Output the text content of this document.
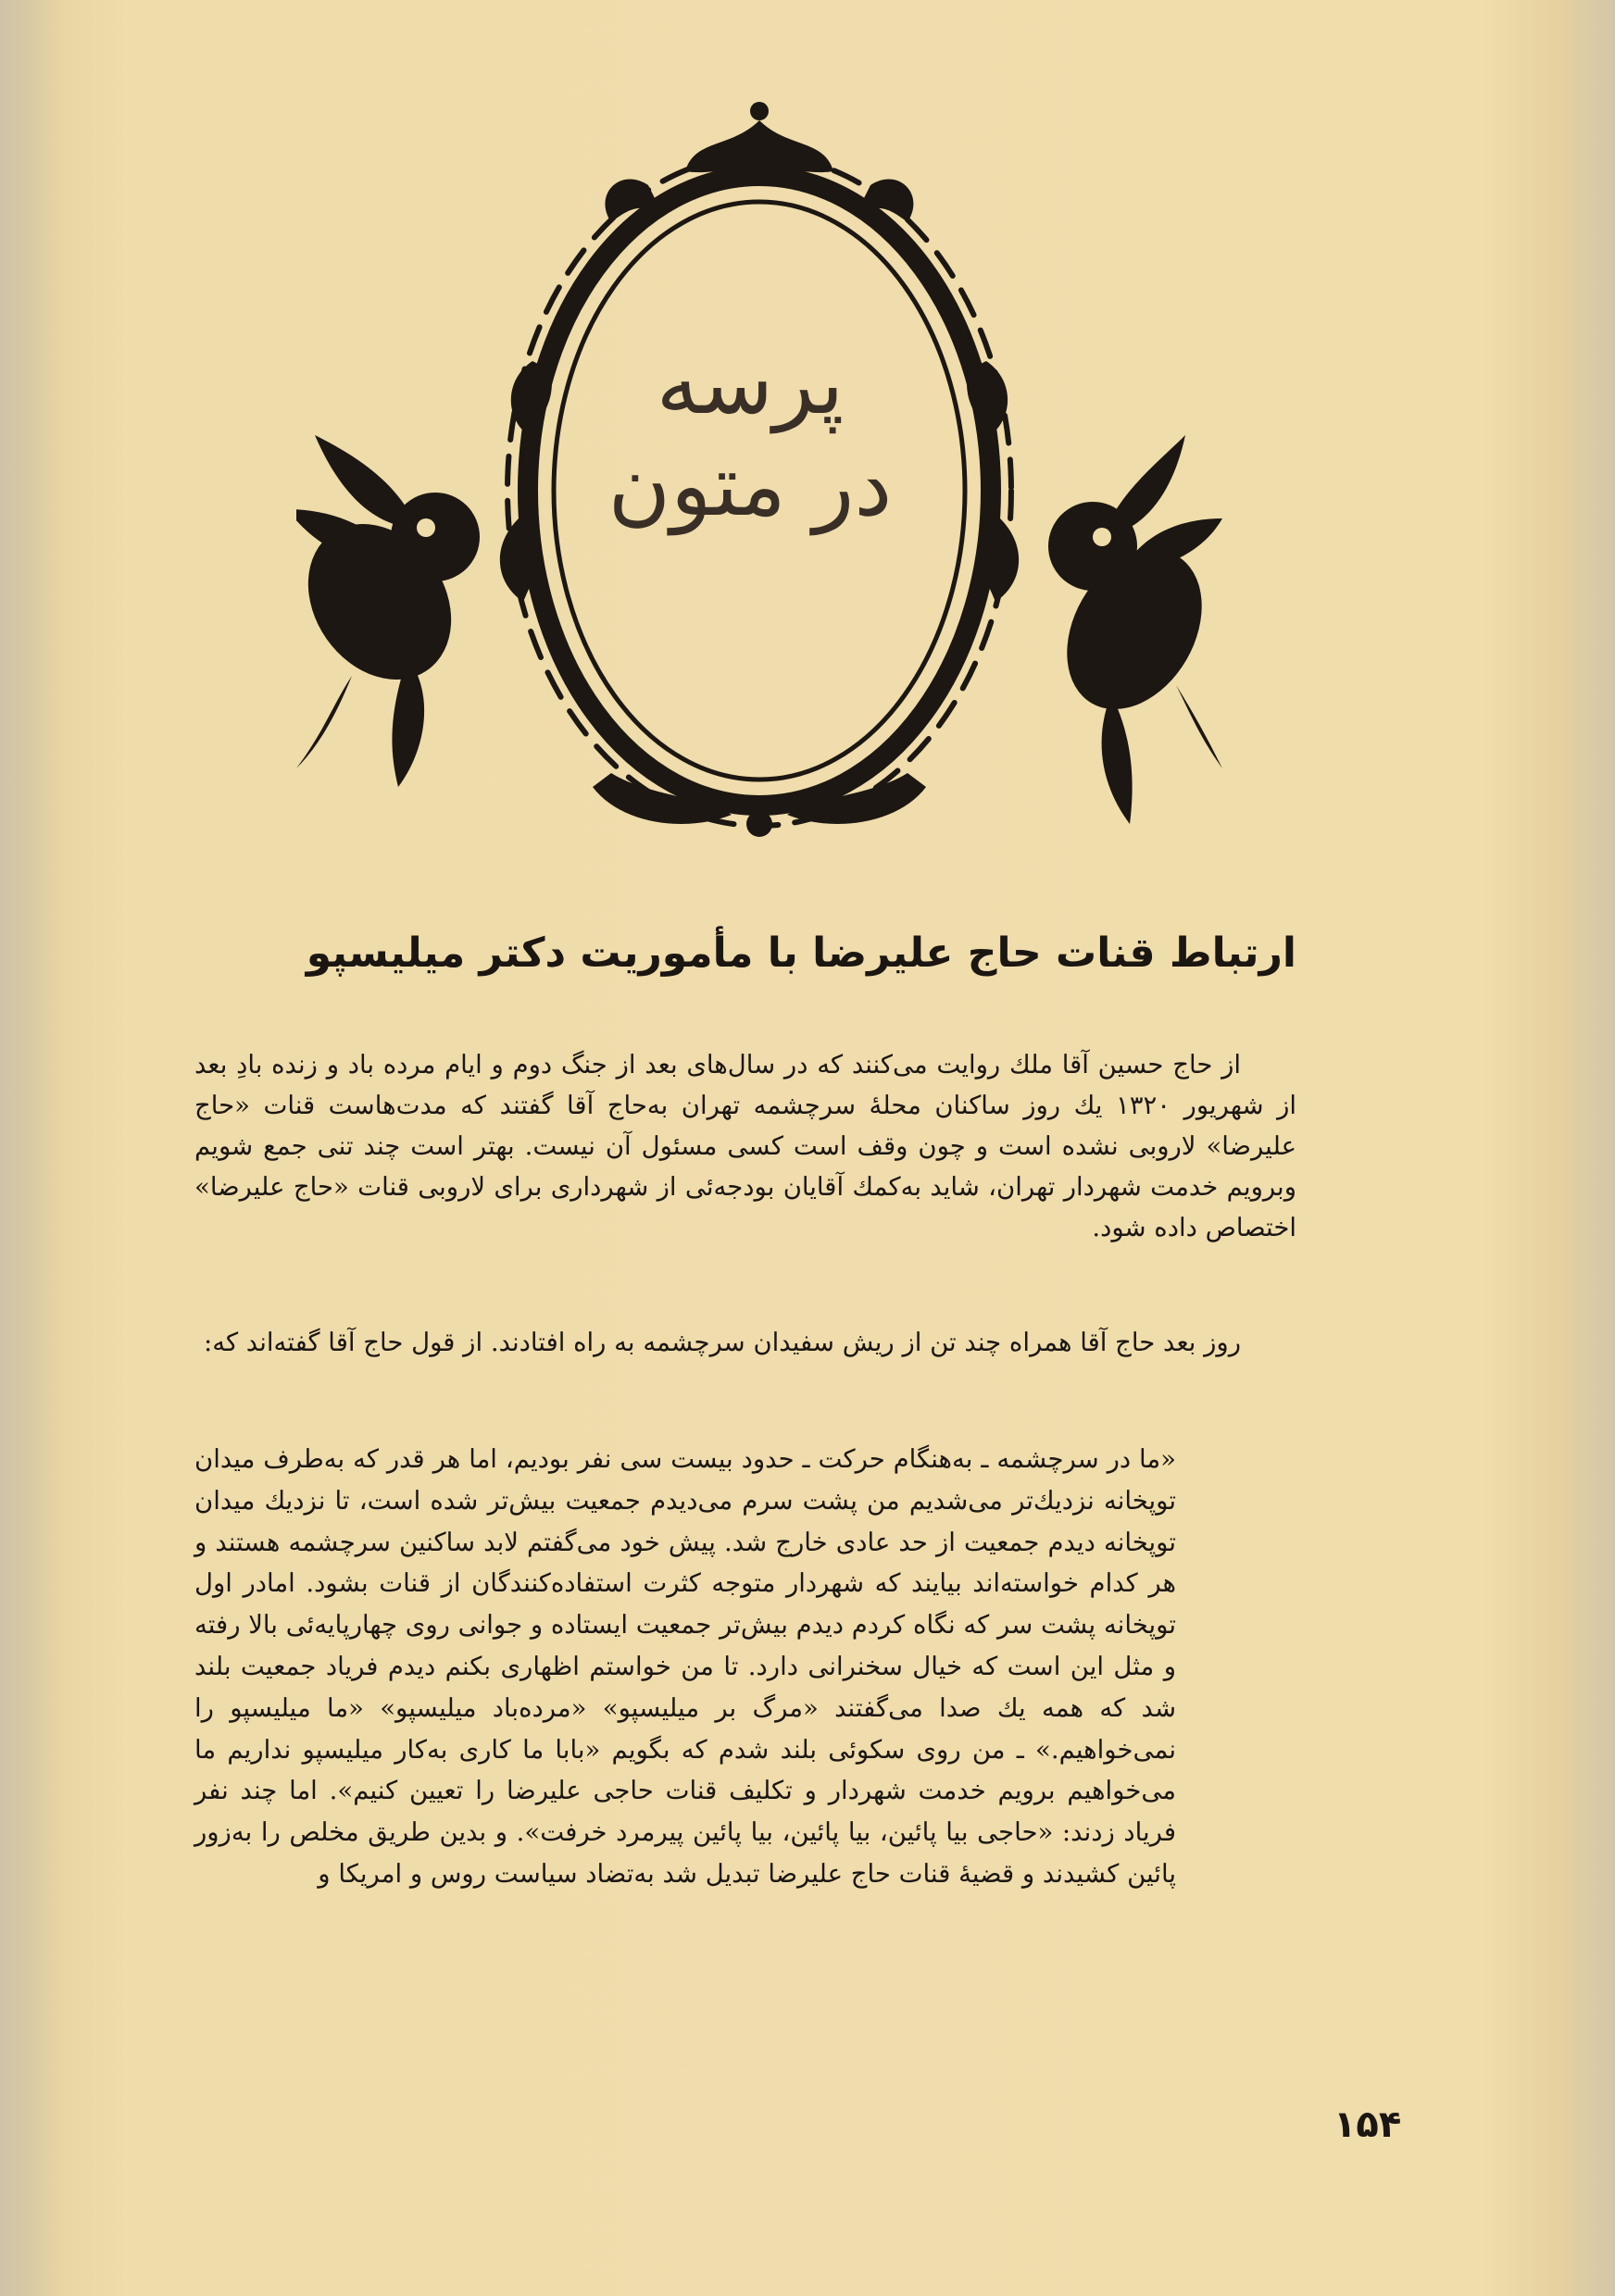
پرسه
در متون
ارتباط قنات حاج علیرضا با مأموریت دکتر میلیسپو

از حاج حسین آقا ملك روایت می‌کنند که در سال‌های بعد از جنگ دوم و ایام مرده باد و زنده بادِ بعد از شهریور ۱۳۲۰ یك روز ساکنان محلهٔ سرچشمه تهران به‌حاج آقا گفتند که مدت‌هاست قنات «حاج علیرضا» لاروبی نشده است و چون وقف است کسی مسئول آن نیست. بهتر است چند تنی جمع شویم وبرویم خدمت شهردار تهران، شاید به‌کمك آقایان بودجه‌ئی از شهرداری برای لاروبی قنات «حاج علیرضا» اختصاص داده شود.

روز بعد حاج آقا همراه چند تن از ریش سفیدان سرچشمه به راه افتادند. از قول حاج آقا گفته‌اند که:

«ما در سرچشمه ـ به‌هنگام حرکت ـ حدود بیست سی نفر بودیم، اما هر قدر که به‌طرف میدان توپخانه نزدیك‌تر می‌شدیم من پشت سرم می‌دیدم جمعیت بیش‌تر شده است، تا نزدیك میدان توپخانه دیدم جمعیت از حد عادی خارج شد. پیش خود می‌گفتم لابد ساکنین سرچشمه هستند و هر کدام خواسته‌اند بیایند که شهردار متوجه کثرت استفاده‌کنندگان از قنات بشود. امادر اول توپخانه پشت سر که نگاه کردم دیدم بیش‌تر جمعیت ایستاده و جوانی روی چهارپایه‌ئی بالا رفته و مثل این است که خیال سخنرانی دارد. تا من خواستم اظهاری بکنم دیدم فریاد جمعیت بلند شد که همه یك صدا می‌گفتند «مرگ بر میلیسپو» «مرده‌باد میلیسپو» «ما میلیسپو را نمی‌خواهیم.» ـ من روی سکوئی بلند شدم که بگویم «بابا ما کاری به‌کار میلیسپو نداریم ما می‌خواهیم برویم خدمت شهردار و تکلیف قنات حاجی علیرضا را تعیین کنیم». اما چند نفر فریاد زدند: «حاجی بیا پائین، بیا پائین، بیا پائین پیرمرد خرفت». و بدین طریق مخلص را به‌زور پائین کشیدند و قضیهٔ قنات حاج علیرضا تبدیل شد به‌تضاد سیاست روس و امریکا و

۱۵۴
